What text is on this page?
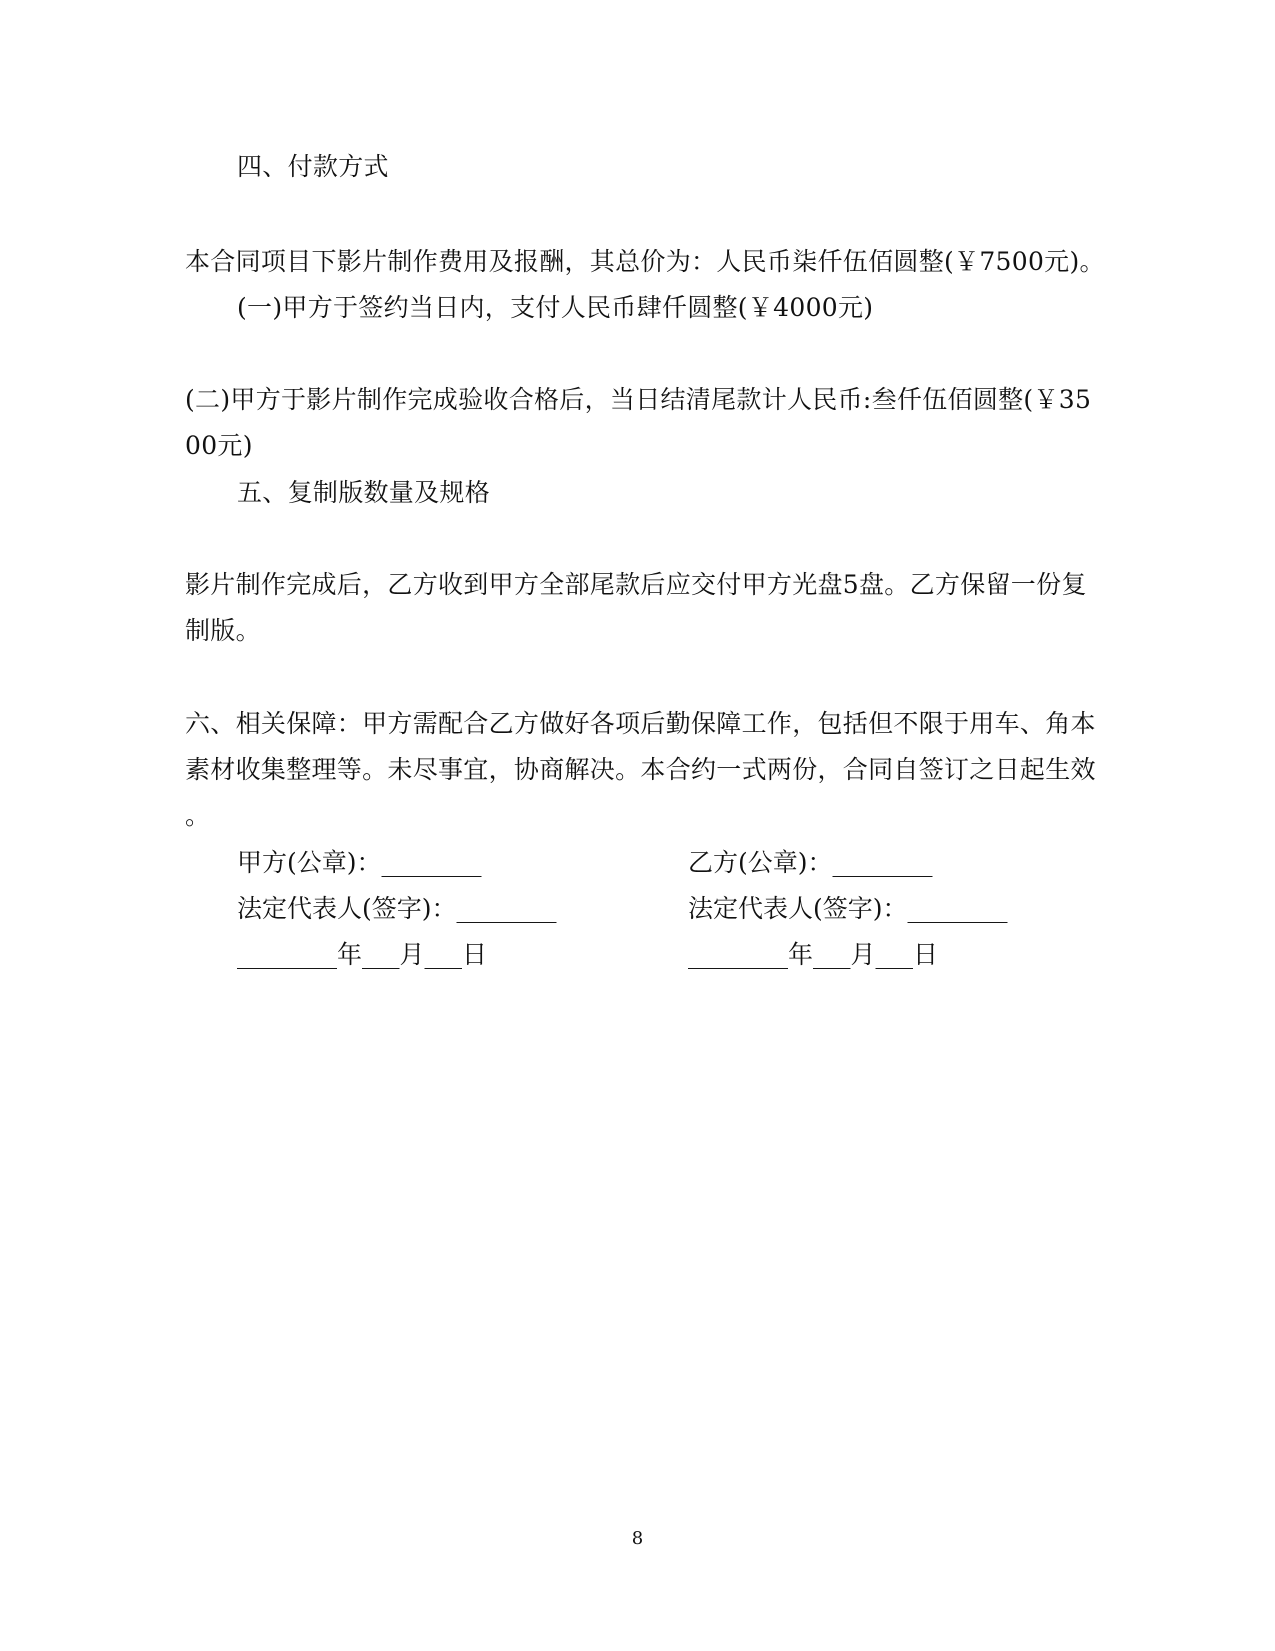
四、付款方式
本合同项目下影片制作费用及报酬，其总价为：人民币柒仟伍佰圆整(￥7500元)。
(一)甲方于签约当日内，支付人民币肆仟圆整(￥4000元)
(二)甲方于影片制作完成验收合格后，当日结清尾款计人民币:叁仟伍佰圆整(￥35
00元)
五、复制版数量及规格
影片制作完成后，乙方收到甲方全部尾款后应交付甲方光盘5盘。乙方保留一份复
制版。
六、相关保障：甲方需配合乙方做好各项后勤保障工作，包括但不限于用车、角本
素材收集整理等。未尽事宜，协商解决。本合约一式两份，合同自签订之日起生效
。
甲方(公章)：________
法定代表人(签字)：________
________年___月___日
乙方(公章)：________
法定代表人(签字)：________
________年___月___日
8
